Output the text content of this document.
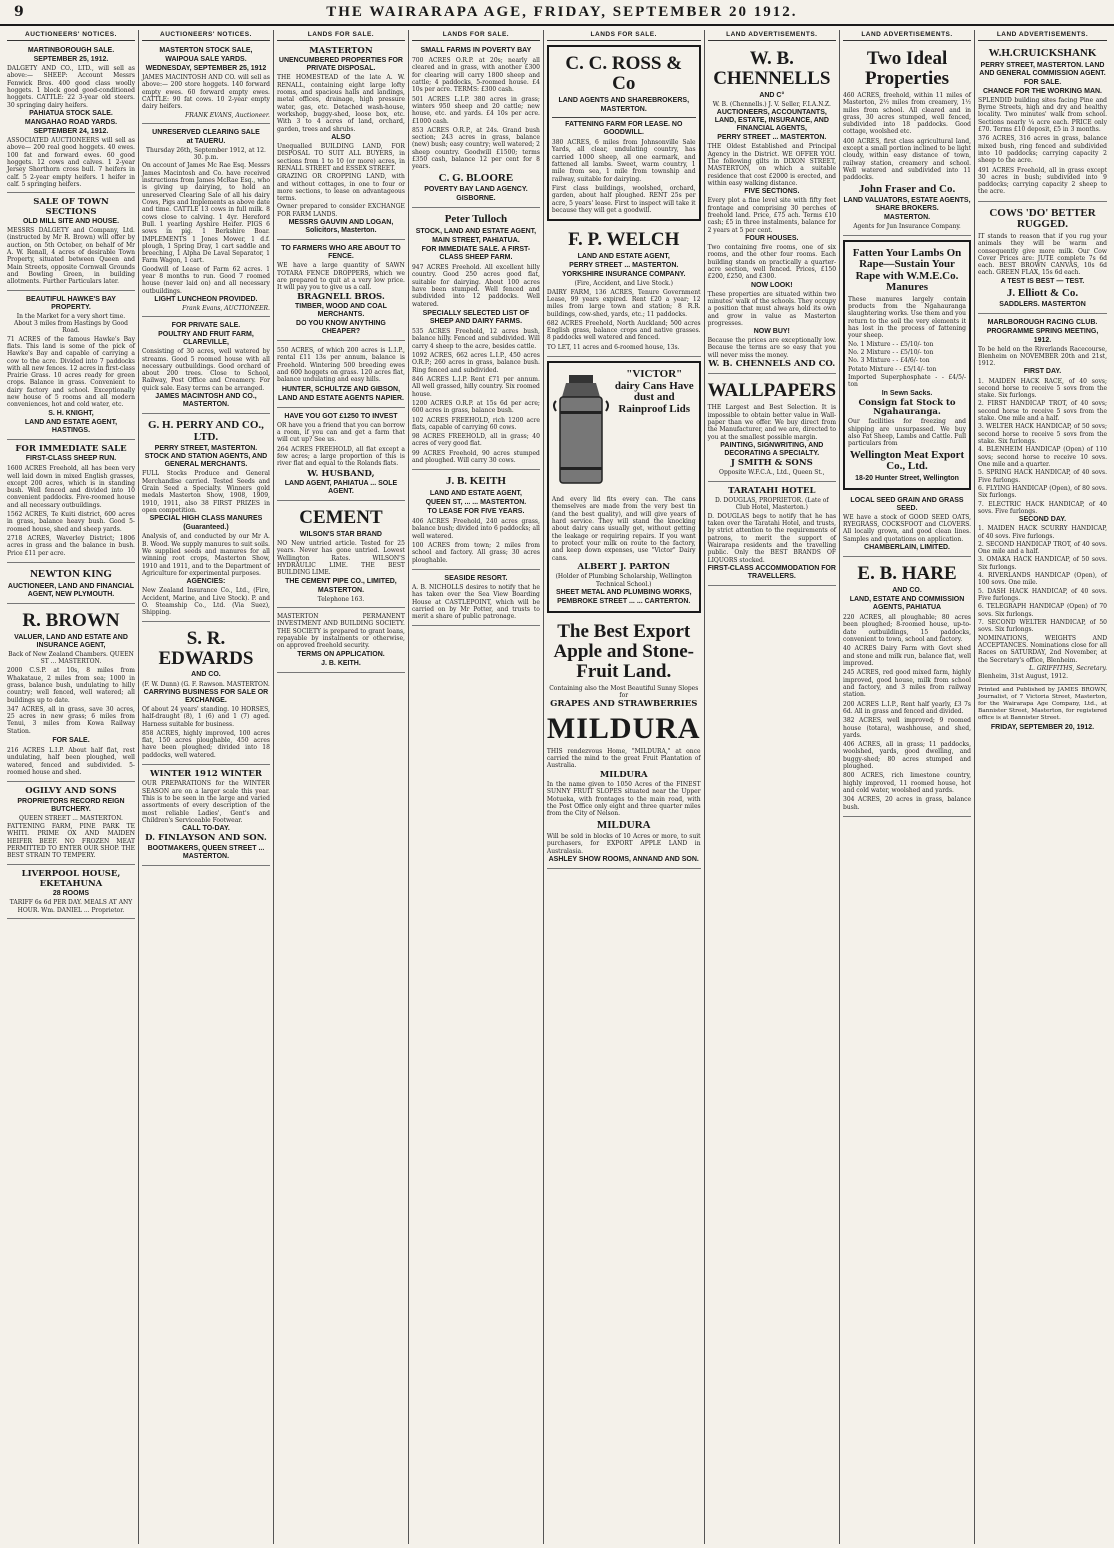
9	THE WAIRARAPA AGE, FRIDAY, SEPTEMBER 20 1912.
AUCTIONEERS' NOTICES.
MARTINBOROUGH SALE.
SEPTEMBER 25, 1912.

DALGETY AND CO., LTD., will sell as above:— SHEEP: Account Messrs Fenwick Bros. 400 good class woolly hoggets. 1 block good good-conditioned hoggets. CATTLE: 22 3-year old steers. 30 springing dairy heifers.

PAHIATUA STOCK SALE.
MANGAHAO ROAD YARDS.
SEPTEMBER 24, 1912.

ASSOCIATED AUCTIONEERS will sell as above— 200 real good hoggets. 40 ewes. 100 fat and forward ewes. 60 good hoggets. 12 cows and calves. 1 2-year Jersey Shorthorn cross bull. 7 heifers in calf. 5 2-year empty heifers. 1 heifer in calf. 5 springing heifers.

SALE OF TOWN SECTIONS
OLD MILL SITE AND HOUSE.

MESSRS DALGETY and Company, Ltd. (instructed by Mr R. Brown) will offer by auction, on 5th October, on behalf of Mr A. W. Renall, 4 acres of desirable Town Property, situated between Queen and Main Streets, opposite Cornwall Grounds and Bowling Green, in building allotments. Further Particulars later.

BEAUTIFUL HAWKE'S BAY PROPERTY.

In the Market for a very short time. About 3 miles from Hastings by Good Road.

71 ACRES of the famous Hawke's Bay flats. This land is some of the pick of Hawke's Bay and capable of carrying a cow to the acre. Divided into 7 paddocks with all new fences. 12 acres in first-class Prairie Grass. 10 acres ready for green crops. Balance in grass. Convenient to dairy factory and school. Exceptionally new house of 5 rooms and all modern conveniences, hot and cold water, etc.

S. H. KNIGHT,
LAND AND ESTATE AGENT, HASTINGS.
FOR IMMEDIATE SALE
FIRST-CLASS SHEEP RUN.

1600 ACRES Freehold, all has been very well laid down in mixed English grasses, except 200 acres, which is in standing bush. Well fenced and divided into 10 convenient paddocks. Five-roomed house and all necessary outbuildings.

1562 ACRES, Te Kuiti district, 600 acres in grass, balance heavy bush. Good 5-roomed house, shed and sheep yards.

2718 ACRES, Waverley District; 1806 acres in grass and the balance in bush. Price £11 per acre.

NEWTON KING
AUCTIONEER, LAND AND FINANCIAL AGENT, NEW PLYMOUTH.
R. BROWN
VALUER, LAND AND ESTATE AND INSURANCE AGENT,

Back of New Zealand Chambers. QUEEN ST ... MASTERTON.

2000 C.S.P. at 10s, 8 miles from Whakataue, 2 miles from sea; 1000 in grass, balance bush, undulating to hilly country; well fenced, well watered; all buildings up to date.

347 ACRES, all in grass, save 30 acres, 25 acres in new grass; 6 miles from Tenui, 3 miles from Kowa Railway Station.

FOR SALE.

216 ACRES L.I.P. About half flat, rest undulating, half been ploughed, well watered, fenced and subdivided. 5-roomed house and shed.

OGILVY AND SONS
PROPRIETORS RECORD REIGN BUTCHERY.

QUEEN STREET ... MASTERTON.

FATTENING FARM, PINE PARK TE WHITI. PRIME OX AND MAIDEN HEIFER BEEF. NO FROZEN MEAT PERMITTED TO ENTER OUR SHOP. THE BEST STRAIN TO TEMPERY.

LIVERPOOL HOUSE,
EKETAHUNA
28 ROOMS

TARIFF 6s 6d PER DAY. MEALS AT ANY HOUR. Wm. DANIEL ... Proprietor.

AUCTIONEERS' NOTICES.
MASTERTON STOCK SALE,
WAIPOUA SALE YARDS.
WEDNESDAY, SEPTEMBER 25, 1912

JAMES MACINTOSH AND CO. will sell as above:— 200 store hoggets. 140 forward empty ewes. 60 forward empty ewes. CATTLE: 90 fat cows. 10 2-year empty dairy heifers.

FRANK EVANS, Auctioneer.
UNRESERVED CLEARING SALE
at TAUERU.

Thursday 26th, September 1912, at 12. 30. p.m.

On account of James Mc Rae Esq. Messrs James Macintosh and Co. have received instructions from James McRae Esq., who is giving up dairying, to hold an unreserved Clearing Sale of all his dairy Cows, Pigs and Implements as above date and time. CATTLE 13 cows in full milk. 8 cows close to calving. 1 4yr. Hereford Bull. 1 yearling Ayshire Heifer. PIGS 6 sows in pig. 1 Berkshire Boar. IMPLEMENTS 1 Jones Mower, 1 d.f. plough, 1 Spring Dray, 1 cart saddle and breeching, 1 Alpha De Laval Separator, 1 Farm Wagon, 1 cart.

Goodwill of Lease of Farm 62 acres. 1 year 8 months to run. Good 7 roomed house (never laid on) and all necessary outbuildings.

LIGHT LUNCHEON PROVIDED.
Frank Evans, AUCTIONEER.
FOR PRIVATE SALE.
POULTRY AND FRUIT FARM, CLAREVILLE,

Consisting of 30 acres, well watered by streams. Good 5 roomed house with all necessary outbuildings. Good orchard of about 200 trees. Close to School, Railway, Post Office and Creamery. For quick sale. Easy terms can be arranged.

JAMES MACINTOSH AND CO., MASTERTON.
G. H. PERRY AND CO., LTD.
PERRY STREET, MASTERTON. STOCK AND STATION AGENTS, AND GENERAL MERCHANTS.

FULL Stocks Produce and General Merchandise carried. Tested Seeds and Grain Seed a Specialty. Winners gold medals Masterton Show, 1908, 1909, 1910, 1911, also 38 FIRST PRIZES in open competition.

SPECIAL HIGH CLASS MANURES
(Guaranteed.)

Analysis of, and conducted by our Mr A. B. Wood. We supply manures to suit soils. We supplied seeds and manures for all winning root crops, Masterton Show, 1910 and 1911, and to the Department of Agriculture for experimental purposes.

AGENCIES:

New Zealand Insurance Co., Ltd., (Fire, Accident, Marine, and Live Stock). P. and O. Steamship Co., Ltd. (Via Suez), Shipping.

S. R. EDWARDS
AND CO.

(F. W. Dunn) (G. F. Rawson. MASTERTON.

CARRYING BUSINESS FOR SALE OR EXCHANGE.

Of about 24 years' standing. 10 HORSES, half-draught (8), 1 (6) and 1 (7) aged. Harness suitable for business.

858 ACRES, highly improved, 100 acres flat, 150 acres ploughable, 450 acres have been ploughed; divided into 18 paddocks, well watered.

WINTER 1912 WINTER

OUR PREPARATIONS for the WINTER SEASON are on a larger scale this year. This is to be seen in the large and varied assortments of every description of the most reliable Ladies', Gent's and Children's Serviceable Footwear.

CALL TO-DAY.
D. FINLAYSON AND SON.
BOOTMAKERS, QUEEN STREET ... MASTERTON.
LANDS FOR SALE.
MASTERTON
UNENCUMBERED PROPERTIES FOR PRIVATE DISPOSAL.

THE HOMESTEAD of the late A. W. RENALL, containing eight large lofty rooms, and spacious halls and landings, metal offices, drainage, high pressure water, gas, etc. Detached wash-house, workshop, buggy-shed, loose box, etc. With 3 to 4 acres of land, orchard, garden, trees and shrubs.

ALSO

Unequalled BUILDING LAND, FOR DISPOSAL TO SUIT ALL BUYERS, in sections from 1 to 10 (or more) acres, in RENALL STREET and ESSEX STREET.

GRAZING OR CROPPING LAND, with and without cottages, in one to four or more sections, to lease on advantageous terms.

Owner prepared to consider EXCHANGE FOR FARM LANDS.

MESSRS GAUVIN AND LOGAN, Solicitors, Masterton.
TO FARMERS WHO ARE ABOUT TO FENCE.

WE have a large quantity of SAWN TOTARA FENCE DROPPERS, which we are prepared to quit at a very low price. It will pay you to give us a call.

BRAGNELL BROS.
TIMBER, WOOD AND COAL MERCHANTS.
DO YOU KNOW ANYTHING CHEAPER?

550 ACRES, of which 200 acres is L.I.P., rental £11 13s per annum, balance is Freehold. Wintering 500 breeding ewes and 600 hoggets on grass. 120 acres flat, balance undulating and easy hills.

HUNTER, SCHULTZE AND GIBSON,
LAND AND ESTATE AGENTS NAPIER.
HAVE YOU GOT £1250 TO INVEST

OR have you a friend that you can borrow a room, if you can and get a farm that will cut up? See us.

264 ACRES FREEHOLD, all flat except a few acres; a large proportion of this is river flat and equal to the Rolands flats.

W. HUSBAND,
LAND AGENT, PAHIATUA ... SOLE AGENT.
CEMENT
WILSON'S STAR BRAND

NO New untried article. Tested for 25 years. Never has gone untried. Lowest Wellington Rates. WILSON'S HYDRAULIC LIME. THE BEST BUILDING LIME.

THE CEMENT PIPE CO., LIMITED,
MASTERTON.

Telephone 163.

MASTERTON PERMANENT INVESTMENT AND BUILDING SOCIETY. THE SOCIETY is prepared to grant loans, repayable by instalments or otherwise, on approved freehold security.

TERMS ON APPLICATION.
J. B. KEITH.
LANDS FOR SALE.
SMALL FARMS IN POVERTY BAY

700 ACRES O.R.P. at 20s; nearly all cleared and in grass, with another £300 for clearing will carry 1800 sheep and cattle; 4 paddocks, 5-roomed house. £4 10s per acre. TERMS: £300 cash.

501 ACRES L.I.P. 380 acres in grass; winters 950 sheep and 20 cattle; new house, etc. and yards. £4 10s per acre. £1000 cash.

853 ACRES O.R.P., at 24s. Grand bush section; 243 acres in grass, balance (new) bush; easy country; well watered; 2 sheep country. Goodwill £1500; terms £350 cash, balance 12 per cent for 8 years.

C. G. BLOORE
POVERTY BAY LAND AGENCY.
GISBORNE.
Peter Tulloch
STOCK, LAND AND ESTATE AGENT,
MAIN STREET, PAHIATUA.
FOR IMMEDIATE SALE. A FIRST-CLASS SHEEP FARM.

947 ACRES Freehold. All excellent hilly country. Good 250 acres good flat, suitable for dairying. About 100 acres have been stumped. Well fenced and subdivided into 12 paddocks. Well watered.

SPECIALLY SELECTED LIST OF SHEEP AND DAIRY FARMS.

535 ACRES Freehold, 12 acres bush, balance hilly. Fenced and subdivided. Will carry 4 sheep to the acre, besides cattle.

1092 ACRES, 662 acres L.I.P., 450 acres O.R.P.; 260 acres in grass, balance bush. Ring fenced and subdivided.

846 ACRES L.I.P. Rent £71 per annum. All well grassed, hilly country. Six roomed house.

1200 ACRES O.R.P. at 15s 6d per acre; 600 acres in grass, balance bush.

102 ACRES FREEHOLD, rich 1200 acre flats, capable of carrying 60 cows.

98 ACRES FREEHOLD, all in grass; 40 acres of very good flat.

99 ACRES Freehold, 90 acres stumped and ploughed. Will carry 30 cows.

J. B. KEITH
LAND AND ESTATE AGENT,
QUEEN ST, ... ... MASTERTON.
TO LEASE FOR FIVE YEARS.

406 ACRES Freehold, 240 acres grass, balance bush; divided into 6 paddocks; all well watered.

100 ACRES from town; 2 miles from school and factory. All grass; 30 acres ploughable.

SEASIDE RESORT.

A. B. NICHOLLS desires to notify that he has taken over the Sea View Boarding House at CASTLEPOINT, which will be carried on by Mr Potter, and trusts to merit a share of public patronage.

LANDS FOR SALE.
C. C. ROSS & Co
LAND AGENTS AND SHAREBROKERS,
MASTERTON.
FATTENING FARM FOR LEASE. NO GOODWILL.

380 ACRES, 6 miles from Johnsonville Sale Yards, all clear, undulating country, has carried 1000 sheep, all one earmark, and fattened all lambs. Sweet, warm country, 1 mile from sea, 1 mile from township and railway, suitable for dairying.

First class buildings, woolshed, orchard, garden, about half ploughed. RENT 25s per acre, 5 years' lease. First to inspect will take it because they will get a goodwill.

F. P. WELCH
LAND AND ESTATE AGENT,
PERRY STREET ... MASTERTON.
YORKSHIRE INSURANCE COMPANY.

(Fire, Accident, and Live Stock.)

DAIRY FARM, 136 ACRES, Tenure Government Lease, 99 years expired. Rent £20 a year; 12 miles from large town and station; 8 R.R. buildings, cow-shed, yards, etc.; 11 paddocks.

682 ACRES Freehold, North Auckland; 500 acres English grass, balance crops and native grasses. 8 paddocks well watered and fenced.

TO LET, 11 acres and 6-roomed house, 13s.

"VICTOR" dairy Cans Have dust and Rainproof Lids

And every lid fits every can. The cans themselves are made from the very best tin (and the best quality), and will give years of hard service. They will stand the knocking about dairy cans usually get, without getting the leakage or requiring repairs. If you want to protect your milk on route to the factory, and keep down expenses, use "Victor" Dairy cans.

ALBERT J. PARTON

(Holder of Plumbing Scholarship, Wellington Technical School.)

SHEET METAL AND PLUMBING WORKS,
PEMBROKE STREET ... ... CARTERTON.
The Best Export Apple and Stone-Fruit Land.

Containing also the Most Beautiful Sunny Slopes for

GRAPES AND STRAWBERRIES
MILDURA

THIS rendezvous Home, "MILDURA," at once carried the mind to the great Fruit Plantation of Australia.

MILDURA

In the name given to 1050 Acres of the FINEST SUNNY FRUIT SLOPES situated near the Upper Motueka, with frontages to the main road, with the Post Office only eight and three quarter miles from the City of Nelson.

MILDURA

Will be sold in blocks of 10 Acres or more, to suit purchasers, for EXPORT APPLE LAND in Australasia.

ASHLEY SHOW ROOMS, ANNAND AND SON.
LAND ADVERTISEMENTS.
W. B. CHENNELLS
AND C°

W. B. (Chennells.) J. V. Seller, F.I.A.N.Z.

AUCTIONEERS, ACCOUNTANTS, LAND, ESTATE, INSURANCE, AND FINANCIAL AGENTS,
PERRY STREET ... MASTERTON.

THE Oldest Established and Principal Agency in the District. WE OFFER YOU. The following gilts in DIXON STREET, MASTERTON, on which a suitable residence that cost £2000 is erected, and within easy walking distance.

FIVE SECTIONS.

Every plot a fine level site with fifty feet frontage and comprising 30 perches of freehold land. Price, £75 ach. Terms £10 cash; £5 in three instalments, balance for 2 years at 5 per cent.

FOUR HOUSES.

Two containing five rooms, one of six rooms, and the other four rooms. Each building stands on practically a quarter-acre section, well fenced. Prices, £150 £200, £250, and £300.

NOW LOOK!

These properties are situated within two minutes' walk of the schools. They occupy a position that must always hold its own and grow in value as Masterton progresses.

NOW BUY!

Because the prices are exceptionally low. Because the terms are so easy that you will never miss the money.

W. B. CHENNELS AND CO.
WALLPAPERS

THE Largest and Best Selection. It is impossible to obtain better value in Wall-paper than we offer. We buy direct from the Manufacturer, and we are, directed to you at the smallest possible margin.

PAINTING, SIGNWRITING, AND DECORATING A SPECIALTY.
J SMITH & SONS

Opposite W.F.C.A., Ltd., Queen St.,

TARATAHI HOTEL

D. DOUGLAS, PROPRIETOR. (Late of Club Hotel, Masterton.)

D. DOUGLAS begs to notify that he has taken over the Taratahi Hotel, and trusts, by strict attention to the requirements of patrons, to merit the support of Wairarapa residents and the travelling public. Only the BEST BRANDS OF LIQUORS stocked.

FIRST-CLASS ACCOMMODATION FOR TRAVELLERS.
LAND ADVERTISEMENTS.
Two Ideal Properties

460 ACRES, freehold, within 11 miles of Masterton, 2½ miles from creamery, 1½ miles from school. All cleared and in grass, 30 acres stumped, well fenced, subdivided into 18 paddocks. Good cottage, woolshed etc.

400 ACRES, first class agricultural land, except a small portion inclined to be light cloudy, within easy distance of town, railway station, creamery and school. Well watered and subdivided into 11 paddocks.

John Fraser and Co.
LAND VALUATORS, ESTATE AGENTS, SHARE BROKERS.
MASTERTON.

Agents for Jun Insurance Company.

Fatten Your Lambs On Rape—Sustain Your Rape with W.M.E.Co. Manures

These manures largely contain products from the Ngahauranga slaughtering works. Use them and you return to the soil the very elements it has lost in the process of fattening your sheep.

No. 1 Mixture - - £5/10/- ton

No. 2 Mixture - - £5/10/- ton

No. 3 Mixture - - £4/6/- ton

Potato Mixture - - £5/14/- ton

Imported Superphosphate - - £4/5/- ton

In Sewn Sacks.
Consign fat Stock to Ngahauranga.

Our facilities for freezing and shipping are unsurpassed. We buy also Fat Sheep, Lambs and Cattle. Full particulars from

Wellington Meat Export Co., Ltd.
18-20 Hunter Street, Wellington
LOCAL SEED GRAIN AND GRASS SEED.

WE have a stock of GOOD SEED OATS, RYEGRASS, COCKSFOOT and CLOVERS. All locally grown, and good clean lines. Samples and quotations on application.

CHAMBERLAIN, LIMITED.
E. B. HARE
AND CO.
LAND, ESTATE AND COMMISSION AGENTS, PAHIATUA

220 ACRES, all ploughable; 80 acres been ploughed; 8-roomed house, up-to-date outbuildings, 15 paddocks, convenient to town, school and factory.

40 ACRES Dairy Farm with Govt shed and stone and milk run, balance flat, well improved.

245 ACRES, red good mixed farm, highly improved, good house, milk from school and factory, and 3 miles from railway station.

200 ACRES L.I.P., Rent half yearly, £3 7s 6d. All in grass and fenced and divided.

382 ACRES, well improved; 9 roomed house (totara), washhouse, and shed, yards.

406 ACRES, all in grass; 11 paddocks, woolshed, yards, good dwelling, and buggy-shed; 80 acres stumped and ploughed.

800 ACRES, rich limestone country, highly improved, 11 roomed house, hot and cold water, woolshed and yards.

304 ACRES, 20 acres in grass, balance bush.

LAND ADVERTISEMENTS.
W.H.CRUICKSHANK
PERRY STREET, MASTERTON. LAND AND GENERAL COMMISSION AGENT.
FOR SALE.
CHANCE FOR THE WORKING MAN.

SPLENDID building sites facing Pine and Byrne Streets, high and dry and healthy locality. Two minutes' walk from school. Sections nearly ¼ acre each. PRICE only £70. Terms £10 deposit, £5 in 3 months.

376 ACRES, 316 acres in grass, balance mixed bush, ring fenced and subdivided into 10 paddocks; carrying capacity 2 sheep to the acre.

491 ACRES Freehold, all in grass except 30 acres in bush; subdivided into 9 paddocks; carrying capacity 2 sheep to the acre.

COWS 'DO' BETTER RUGGED.

IT stands to reason that if you rug your animals they will be warm and consequently give more milk. Our Cow Cover Prices are: JUTE complete 7s 6d each. BEST BROWN CANVAS, 10s 6d each. GREEN FLAX, 15s 6d each.

A TEST IS BEST — TEST.
J. Elliott & Co.
SADDLERS. MASTERTON
MARLBOROUGH RACING CLUB.
PROGRAMME SPRING MEETING, 1912.

To be held on the Riverlands Racecourse, Blenheim on NOVEMBER 20th and 21st, 1912.

FIRST DAY.

1. MAIDEN HACK RACE, of 40 sovs; second horse to receive 5 sovs from the stake. Six furlongs.

2. FIRST HANDICAP TROT, of 40 sovs; second horse to receive 5 sovs from the stake. One mile and a half.

3. WELTER HACK HANDICAP, of 50 sovs; second horse to receive 5 sovs from the stake. Six furlongs.

4. BLENHEIM HANDICAP (Open) of 110 sovs; second horse to receive 10 sovs. One mile and a quarter.

5. SPRING HACK HANDICAP, of 40 sovs. Five furlongs.

6. FLYING HANDICAP (Open), of 80 sovs. Six furlongs.

7. ELECTRIC HACK HANDICAP, of 40 sovs. Five furlongs.

SECOND DAY.

1. MAIDEN HACK SCURRY HANDICAP, of 40 sovs. Five furlongs.

2. SECOND HANDICAP TROT, of 40 sovs. One mile and a half.

3. OMAKA HACK HANDICAP, of 50 sovs. Six furlongs.

4. RIVERLANDS HANDICAP (Open), of 100 sovs. One mile.

5. DASH HACK HANDICAP, of 40 sovs. Five furlongs.

6. TELEGRAPH HANDICAP (Open) of 70 sovs. Six furlongs.

7. SECOND WELTER HANDICAP, of 50 sovs. Six furlongs.

NOMINATIONS, WEIGHTS AND ACCEPTANCES. Nominations close for all Races on SATURDAY, 2nd November, at the Secretary's office, Blenheim.

L. GRIFFITHS, Secretary.

Blenheim, 31st August, 1912.

Printed and Published by JAMES BROWN, Journalist, of 7 Victoria Street, Masterton, for the Wairarapa Age Company, Ltd., at Bannister Street, Masterton, for registered office is at Bannister Street.

FRIDAY, SEPTEMBER 20, 1912.
